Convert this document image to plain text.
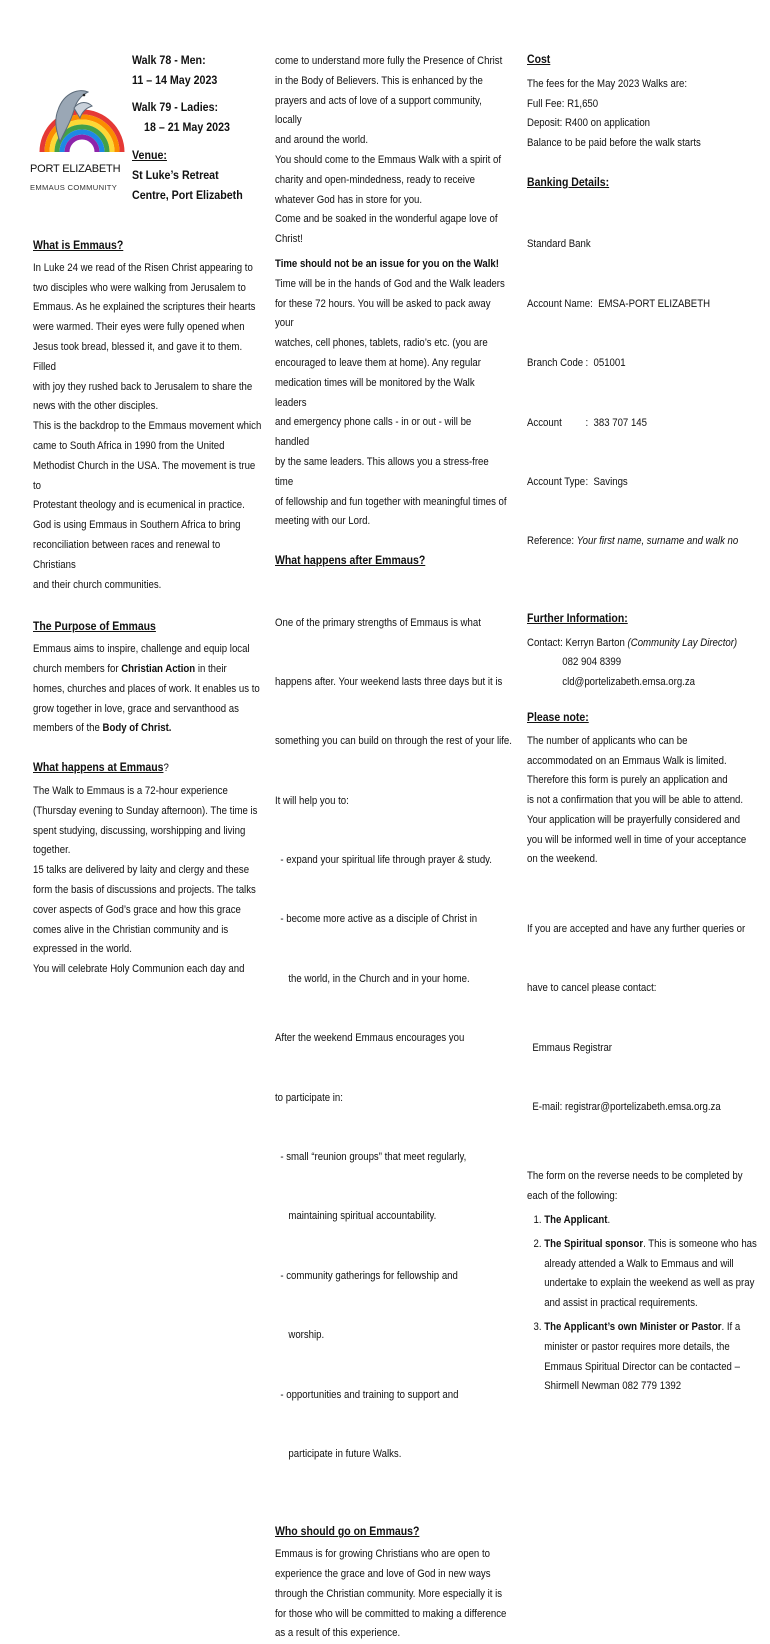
PORT ELIZABETH
EMMAUS COMMUNITY
Walk 78 - Men:
11 – 14 May 2023
Walk 79 - Ladies:
18 – 21 May 2023
Venue:
St Luke’s Retreat
Centre, Port Elizabeth

What is Emmaus?

In Luke 24 we read of the Risen Christ appearing to

two disciples who were walking from Jerusalem to

Emmaus. As he explained the scriptures their hearts

were warmed. Their eyes were fully opened when

Jesus took bread, blessed it, and gave it to them. Filled

with joy they rushed back to Jerusalem to share the

news with the other disciples.

This is the backdrop to the Emmaus movement which

came to South Africa in 1990 from the United

Methodist Church in the USA. The movement is true to

Protestant theology and is ecumenical in practice.

God is using Emmaus in Southern Africa to bring

reconciliation between races and renewal to Christians

and their church communities.

The Purpose of Emmaus

Emmaus aims to inspire, challenge and equip local

church members for Christian Action in their

homes, churches and places of work. It enables us to

grow together in love, grace and servanthood as

members of the Body of Christ.

What happens at Emmaus?

The Walk to Emmaus is a 72-hour experience

(Thursday evening to Sunday afternoon). The time is

spent studying, discussing, worshipping and living

together.

15 talks are delivered by laity and clergy and these

form the basis of discussions and projects. The talks

cover aspects of God’s grace and how this grace

comes alive in the Christian community and is

expressed in the world.

You will celebrate Holy Communion each day and

come to understand more fully the Presence of Christ

in the Body of Believers. This is enhanced by the

prayers and acts of love of a support community, locally

and around the world.

You should come to the Emmaus Walk with a spirit of

charity and open-mindedness, ready to receive

whatever God has in store for you.

Come and be soaked in the wonderful agape love of

Christ!

Time should not be an issue for you on the Walk!

Time will be in the hands of God and the Walk leaders

for these 72 hours. You will be asked to pack away your

watches, cell phones, tablets, radio’s etc. (you are

encouraged to leave them at home). Any regular

medication times will be monitored by the Walk leaders

and emergency phone calls - in or out - will be handled

by the same leaders. This allows you a stress-free time

of fellowship and fun together with meaningful times of

meeting with our Lord.

What happens after Emmaus?

One of the primary strengths of Emmaus is what

happens after. Your weekend lasts three days but it is

something you can build on through the rest of your life.

It will help you to:

- expand your spiritual life through prayer & study.

- become more active as a disciple of Christ in

the world, in the Church and in your home.

After the weekend Emmaus encourages you

to participate in:

- small “reunion groups” that meet regularly,

maintaining spiritual accountability.

- community gatherings for fellowship and

worship.

- opportunities and training to support and

participate in future Walks.

Who should go on Emmaus?

Emmaus is for growing Christians who are open to

experience the grace and love of God in new ways

through the Christian community. More especially it is

for those who will be committed to making a difference

as a result of this experience.

Cost

The fees for the May 2023 Walks are:

Full Fee: R1,650

Deposit: R400 on application

Balance to be paid before the walk starts

Banking Details:

Standard Bank

Account Name:  EMSA-PORT ELIZABETH

Branch Code :  051001

Account :  383 707 145

Account Type:  Savings

Reference: Your first name, surname and walk no

Further Information:

Contact: Kerryn Barton (Community Lay Director)

082 904 8399

cld@portelizabeth.emsa.org.za

Please note:

The number of applicants who can be

accommodated on an Emmaus Walk is limited.

Therefore this form is purely an application and

is not a confirmation that you will be able to attend.

Your application will be prayerfully considered and

you will be informed well in time of your acceptance

on the weekend.

If you are accepted and have any further queries or

have to cancel please contact:

Emmaus Registrar

E-mail: registrar@portelizabeth.emsa.org.za

The form on the reverse needs to be completed by

each of the following:

1. The Applicant.
2. The Spiritual sponsor. This is someone who has already attended a Walk to Emmaus and will undertake to explain the weekend as well as pray and assist in practical requirements.
3. The Applicant’s own Minister or Pastor. If a minister or pastor requires more details, the Emmaus Spiritual Director can be contacted – Shirmell Newman 082 779 1392
